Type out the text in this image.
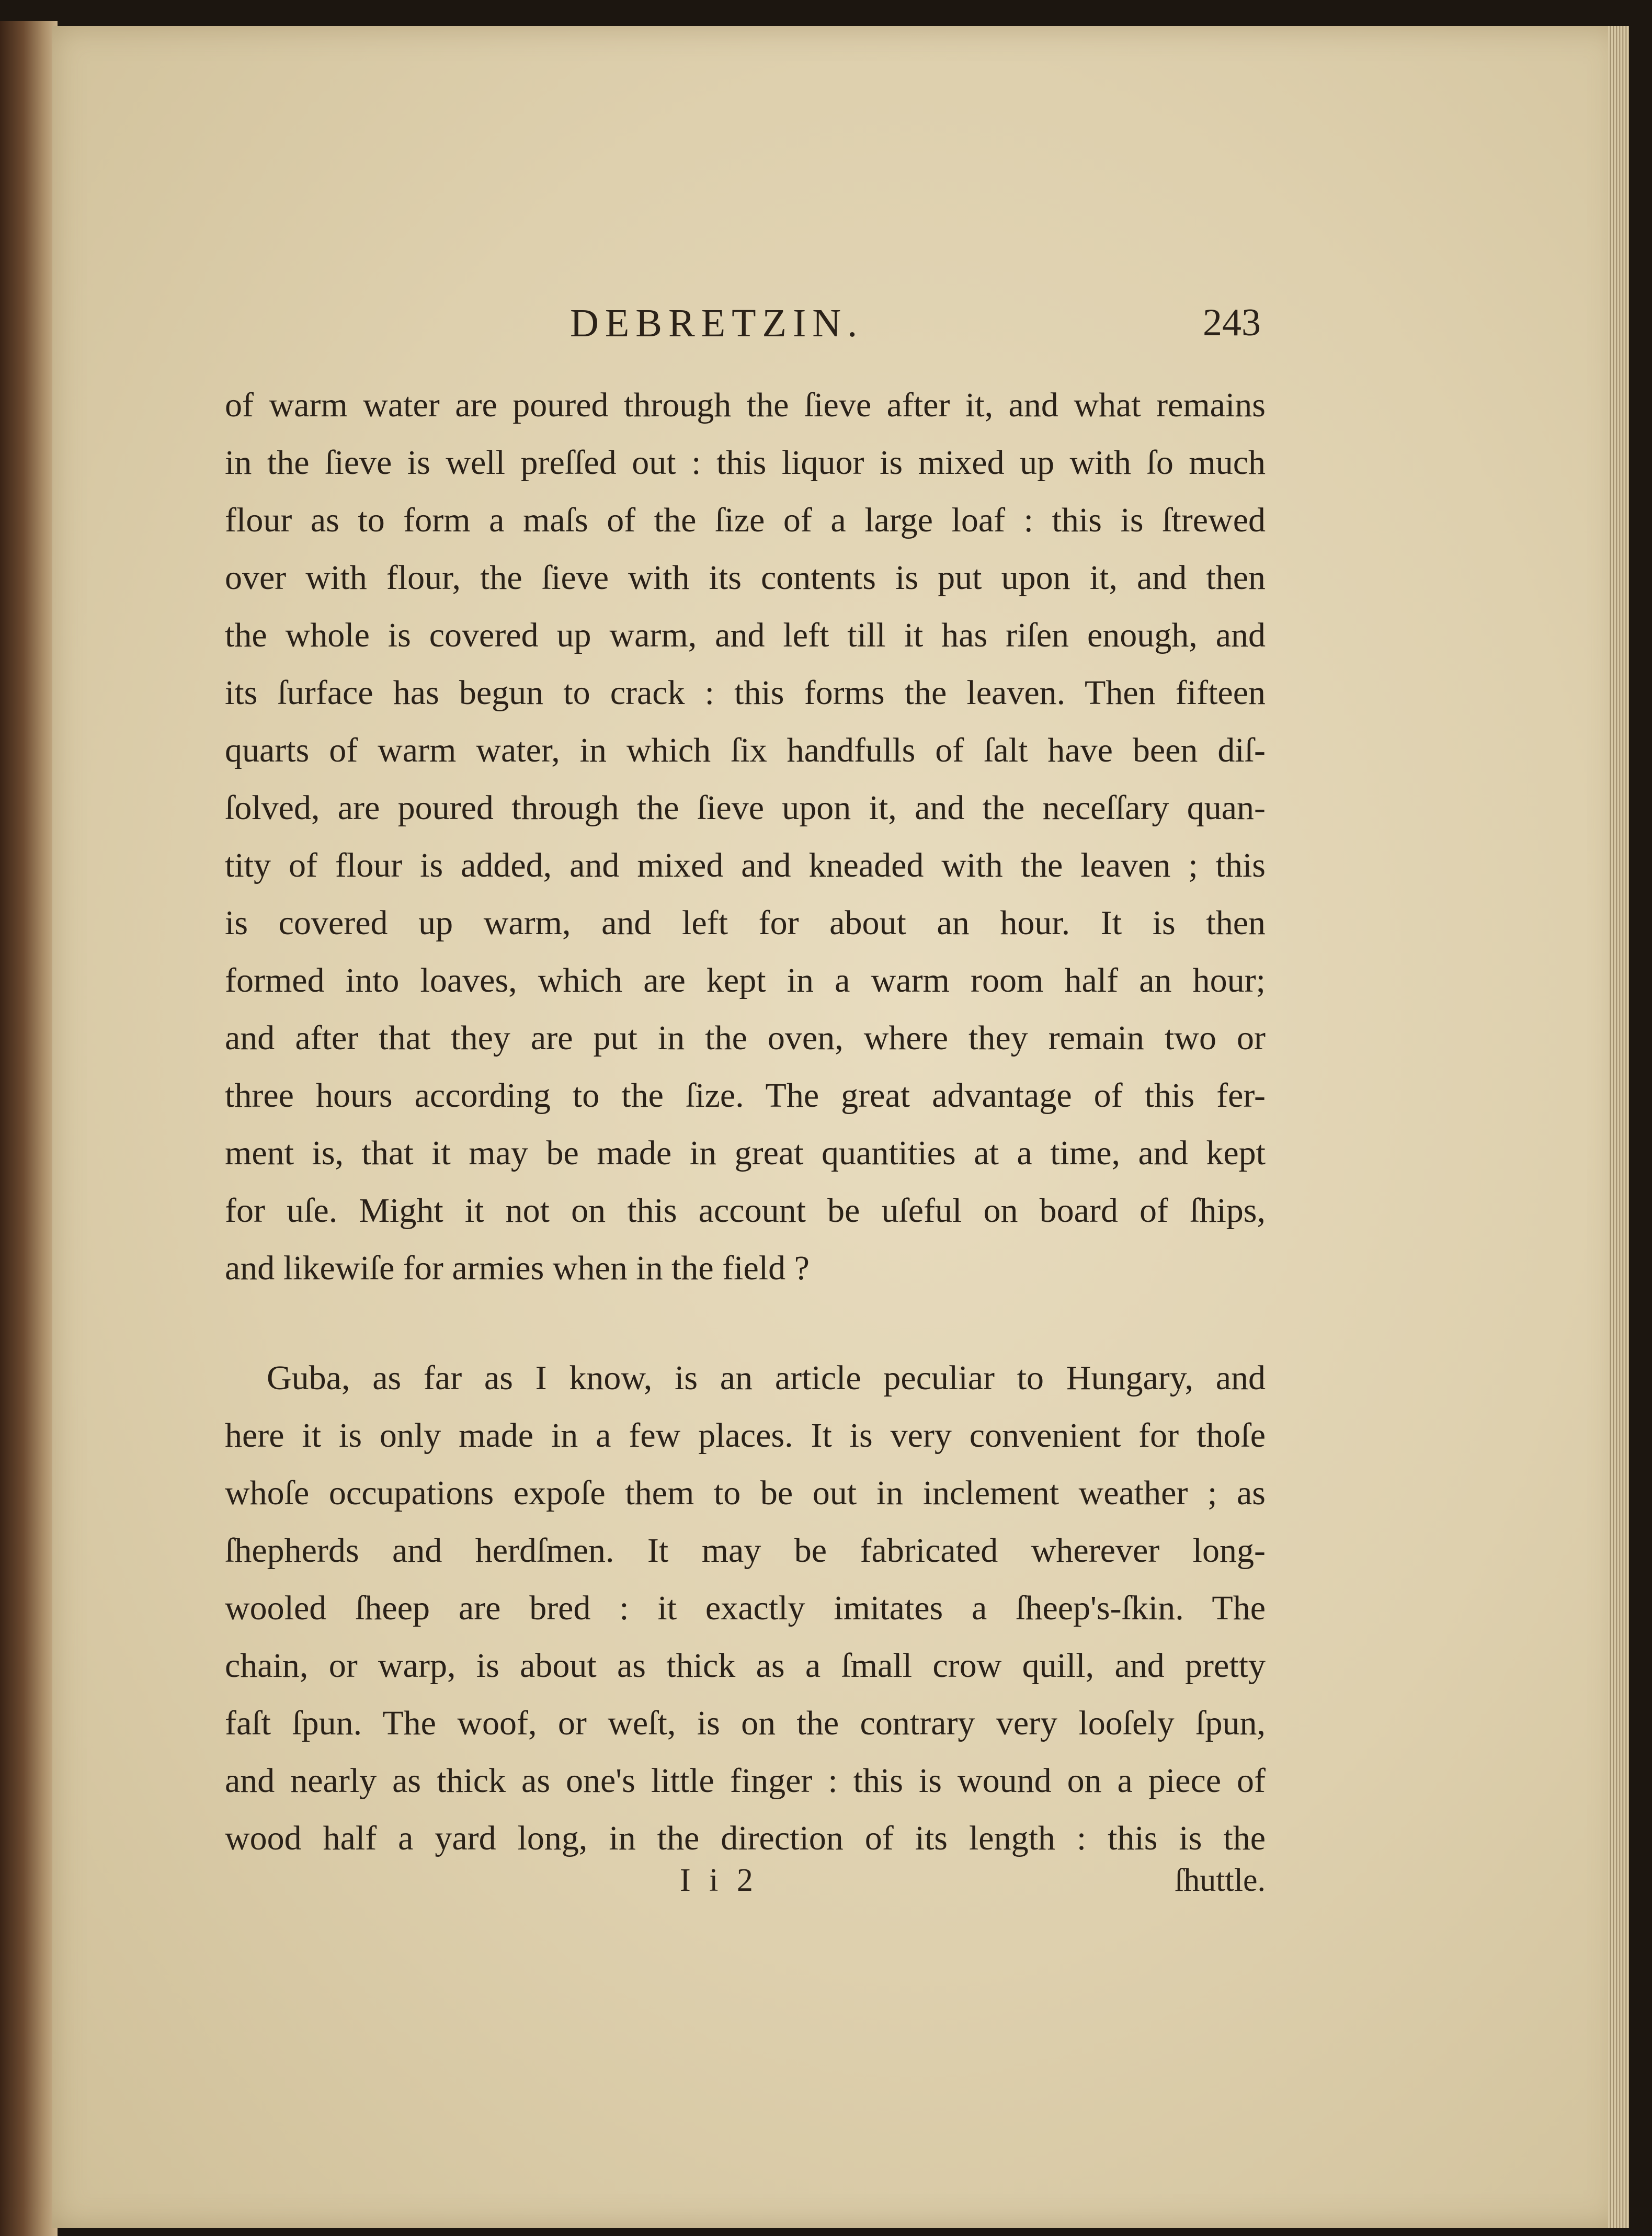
DEBRETZIN.	243
of warm water are poured through the ſieve after it, and what remains
in the ſieve is well preſſed out : this liquor is mixed up with ſo much
flour as to form a maſs of the ſize of a large loaf : this is ſtrewed
over with flour, the ſieve with its contents is put upon it, and then
the whole is covered up warm, and left till it has riſen enough, and
its ſurface has begun to crack : this forms the leaven. Then fifteen
quarts of warm water, in which ſix handfulls of ſalt have been diſ-
ſolved, are poured through the ſieve upon it, and the neceſſary quan-
tity of flour is added, and mixed and kneaded with the leaven ; this
is covered up warm, and left for about an hour. It is then
formed into loaves, which are kept in a warm room half an hour;
and after that they are put in the oven, where they remain two or
three hours according to the ſize. The great advantage of this fer-
ment is, that it may be made in great quantities at a time, and kept
for uſe. Might it not on this account be uſeful on board of ſhips,
and likewiſe for armies when in the field ?
Guba, as far as I know, is an article peculiar to Hungary, and
here it is only made in a few places. It is very convenient for thoſe
whoſe occupations expoſe them to be out in inclement weather ; as
ſhepherds and herdſmen. It may be fabricated wherever long-
wooled ſheep are bred : it exactly imitates a ſheep's-ſkin. The
chain, or warp, is about as thick as a ſmall crow quill, and pretty
faſt ſpun. The woof, or weſt, is on the contrary very looſely ſpun,
and nearly as thick as one's little finger : this is wound on a piece of
wood half a yard long, in the direction of its length : this is the
I i 2	ſhuttle.
